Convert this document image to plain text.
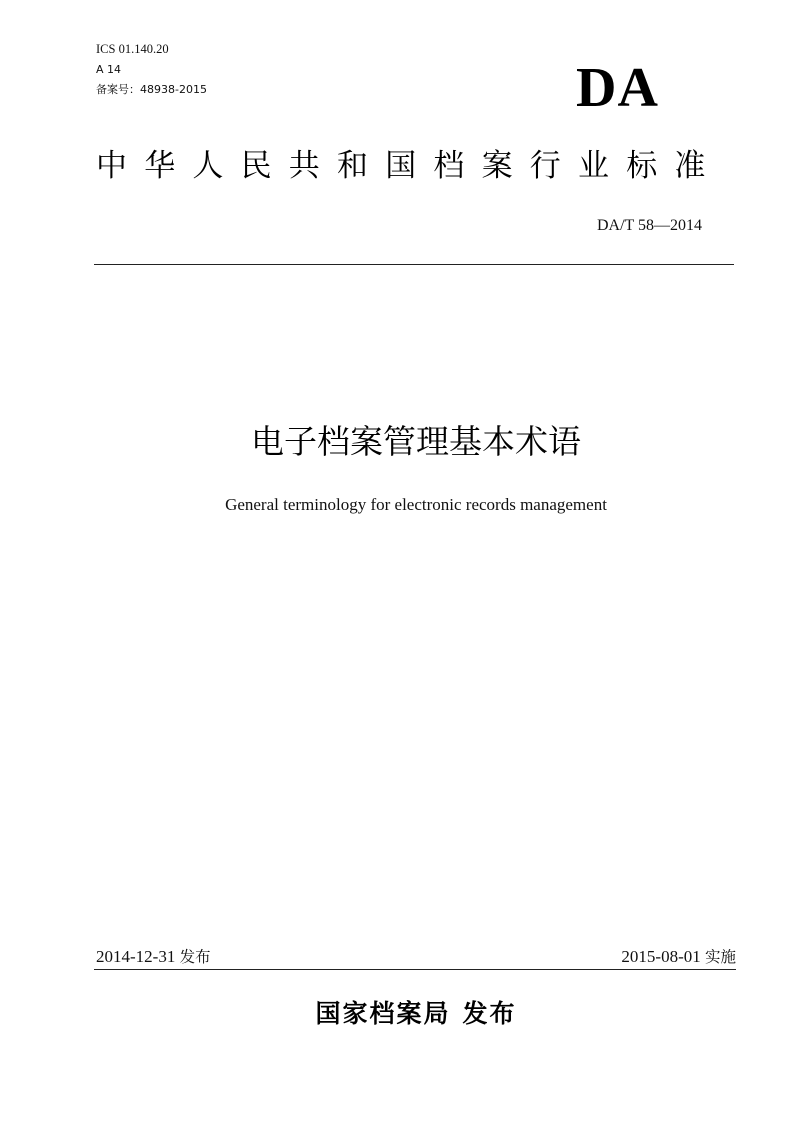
ICS 01.140.20
A 14
备案号：48938-2015	DA
中华人民共和国档案行业标准
DA/T 58—2014
电子档案管理基本术语
General terminology for electronic records management
2014-12-31 发布	2015-08-01 实施
国家档案局 发布
